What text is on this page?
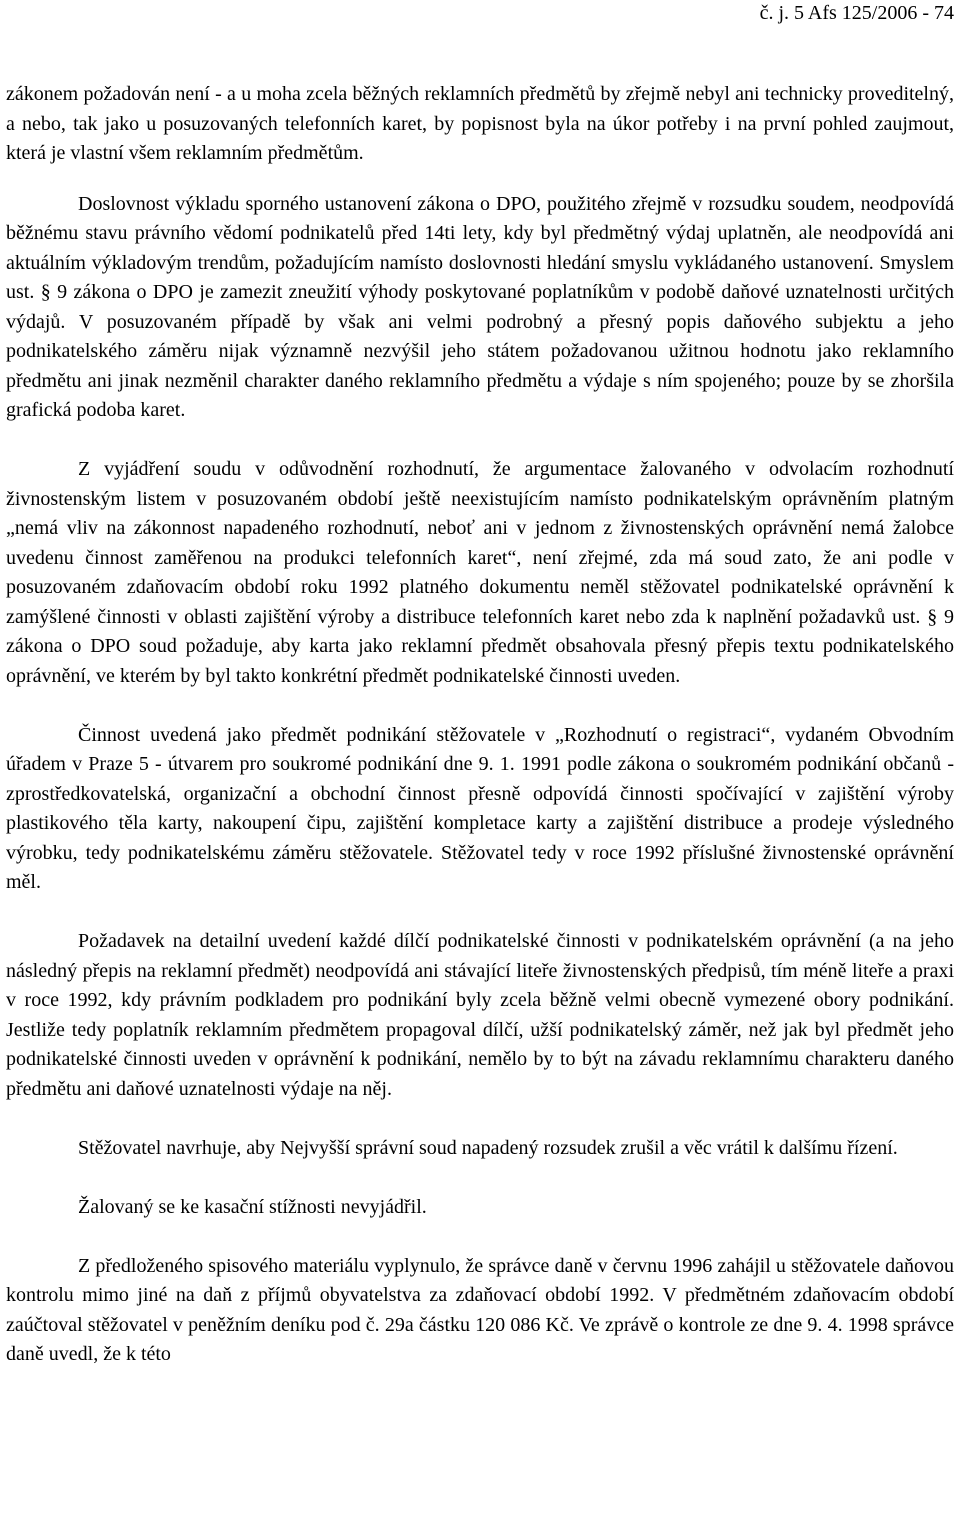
č. j. 5 Afs 125/2006 - 74

zákonem požadován není - a u moha zcela běžných reklamních předmětů by zřejmě nebyl ani technicky proveditelný, a nebo, tak jako u posuzovaných telefonních karet, by popisnost byla na úkor potřeby i na první pohled zaujmout, která je vlastní všem reklamním předmětům.

Doslovnost výkladu sporného ustanovení zákona o DPO, použitého zřejmě v rozsudku soudem, neodpovídá běžnému stavu právního vědomí podnikatelů před 14ti lety, kdy byl předmětný výdaj uplatněn, ale neodpovídá ani aktuálním výkladovým trendům, požadujícím namísto doslovnosti hledání smyslu vykládaného ustanovení. Smyslem ust. § 9 zákona o DPO je zamezit zneužití výhody poskytované poplatníkům v podobě daňové uznatelnosti určitých výdajů. V posuzovaném případě by však ani velmi podrobný a přesný popis daňového subjektu a jeho podnikatelského záměru nijak významně nezvýšil jeho státem požadovanou užitnou hodnotu jako reklamního předmětu ani jinak nezměnil charakter daného reklamního předmětu a výdaje s ním spojeného; pouze by se zhoršila grafická podoba karet.

Z vyjádření soudu v odůvodnění rozhodnutí, že argumentace žalovaného v odvolacím rozhodnutí živnostenským listem v posuzovaném období ještě neexistujícím namísto podnikatelským oprávněním platným „nemá vliv na zákonnost napadeného rozhodnutí, neboť ani v jednom z živnostenských oprávnění nemá žalobce uvedenu činnost zaměřenou na produkci telefonních karet“, není zřejmé, zda má soud zato, že ani podle v posuzovaném zdaňovacím období roku 1992 platného dokumentu neměl stěžovatel podnikatelské oprávnění k zamýšlené činnosti v oblasti zajištění výroby a distribuce telefonních karet nebo zda k naplnění požadavků ust. § 9 zákona o DPO soud požaduje, aby karta jako reklamní předmět obsahovala přesný přepis textu podnikatelského oprávnění, ve kterém by byl takto konkrétní předmět podnikatelské činnosti uveden.

Činnost uvedená jako předmět podnikání stěžovatele v „Rozhodnutí o registraci“, vydaném Obvodním úřadem v Praze 5 - útvarem pro soukromé podnikání dne 9. 1. 1991 podle zákona o soukromém podnikání občanů - zprostředkovatelská, organizační a obchodní činnost přesně odpovídá činnosti spočívající v zajištění výroby plastikového těla karty, nakoupení čipu, zajištění kompletace karty a zajištění distribuce a prodeje výsledného výrobku, tedy podnikatelskému záměru stěžovatele. Stěžovatel tedy v roce 1992 příslušné živnostenské oprávnění měl.

Požadavek na detailní uvedení každé dílčí podnikatelské činnosti v podnikatelském oprávnění (a na jeho následný přepis na reklamní předmět) neodpovídá ani stávající liteře živnostenských předpisů, tím méně liteře a praxi v roce 1992, kdy právním podkladem pro podnikání byly zcela běžně velmi obecně vymezené obory podnikání. Jestliže tedy poplatník reklamním předmětem propagoval dílčí, užší podnikatelský záměr, než jak byl předmět jeho podnikatelské činnosti uveden v oprávnění k podnikání, nemělo by to být na závadu reklamnímu charakteru daného předmětu ani daňové uznatelnosti výdaje na něj.

Stěžovatel navrhuje, aby Nejvyšší správní soud napadený rozsudek zrušil a věc vrátil k dalšímu řízení.

Žalovaný se ke kasační stížnosti nevyjádřil.

Z předloženého spisového materiálu vyplynulo, že správce daně v červnu 1996 zahájil u stěžovatele daňovou kontrolu mimo jiné na daň z příjmů obyvatelstva za zdaňovací období 1992. V předmětném zdaňovacím období zaúčtoval stěžovatel v peněžním deníku pod č. 29a částku 120 086 Kč. Ve zprávě o kontrole ze dne 9. 4. 1998 správce daně uvedl, že k této
